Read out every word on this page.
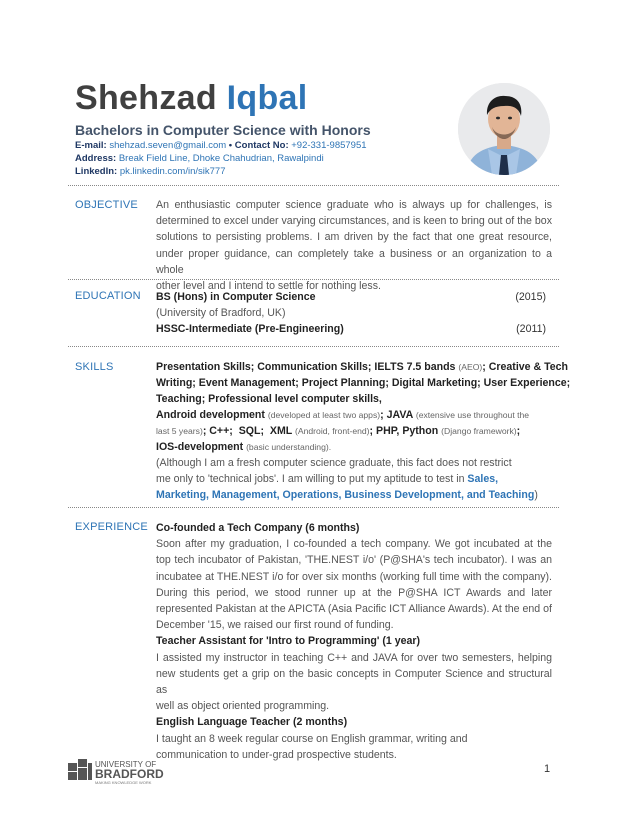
Shehzad Iqbal
Bachelors in Computer Science with Honors
E-mail: shehzad.seven@gmail.com • Contact No: +92-331-9857951
Address: Break Field Line, Dhoke Chahudrian, Rawalpindi
LinkedIn: pk.linkedin.com/in/sik777
OBJECTIVE An enthusiastic computer science graduate who is always up for challenges, is
determined to excel under varying circumstances, and is keen to bring out of the box
solutions to persisting problems. I am driven by the fact that one great resource,
under proper guidance, can completely take a business or an organization to a whole
other level and I intend to settle for nothing less.
EDUCATION BS (Hons) in Computer Science	(2015)
(University of Bradford, UK)
HSSC-Intermediate (Pre-Engineering)	(2011)
SKILLS	Presentation Skills; Communication Skills; IELTS 7.5 bands (AEO); Creative & Tech
Writing; Event Management; Project Planning; Digital Marketing; User Experience;
Teaching; Professional level computer skills,
Android development (developed at least two apps); JAVA (extensive use throughout the
last 5 years); C++;  SQL;  XML (Android, front-end); PHP, Python (Django framework);
IOS-development (basic understanding).
(Although I am a fresh computer science graduate, this fact does not restrict
me only to 'technical jobs'. I am willing to put my aptitude to test in Sales,
Marketing, Management, Operations, Business Development, and Teaching)
EXPERIENCE Co-founded a Tech Company (6 months)
Soon after my graduation, I co-founded a tech company. We got incubated at the
top tech incubator of Pakistan, 'THE.NEST i/o' (P@SHA's tech incubator). I was an
incubatee at THE.NEST i/o for over six months (working full time with the company).
During this period, we stood runner up at the P@SHA ICT Awards and later
represented Pakistan at the APICTA (Asia Pacific ICT Alliance Awards). At the end of
December '15, we raised our first round of funding.
Teacher Assistant for 'Intro to Programming' (1 year)
I assisted my instructor in teaching C++ and JAVA for over two semesters, helping
new students get a grip on the basic concepts in Computer Science and structural as
well as object oriented programming.
English Language Teacher (2 months)
I taught an 8 week regular course on English grammar, writing and
communication to under-grad prospective students.
UNIVERSITY OF
BRADFORD
MAKING KNOWLEDGE WORK
1
